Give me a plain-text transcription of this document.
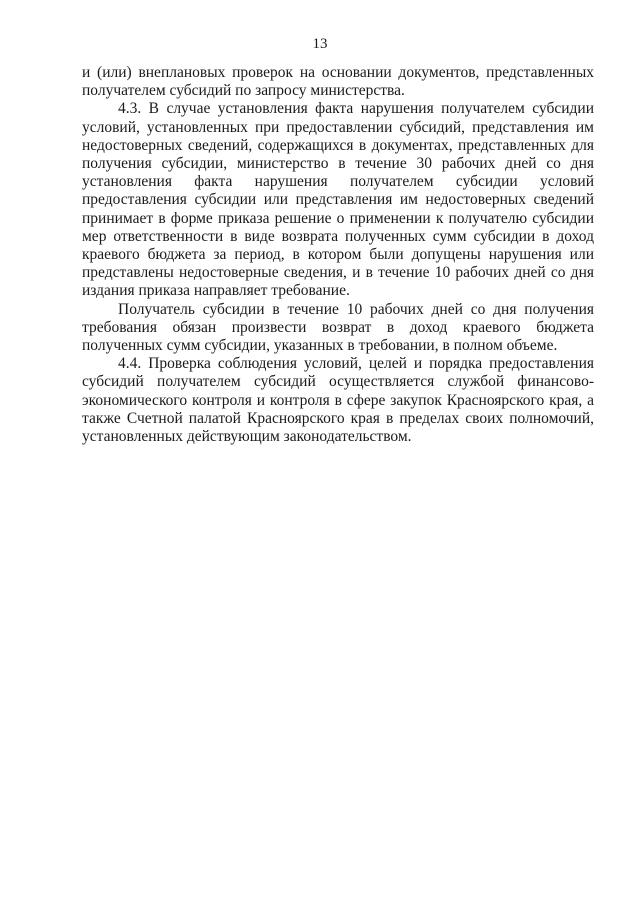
13

и (или) внеплановых проверок на основании документов, представленных получателем субсидий по запросу министерства.

4.3. В случае установления факта нарушения получателем субсидии условий, установленных при предоставлении субсидий, представления им недостоверных сведений, содержащихся в документах, представленных для получения субсидии, министерство в течение 30 рабочих дней со дня установления факта нарушения получателем субсидии условий предоставления субсидии или представления им недостоверных сведений принимает в форме приказа решение о применении к получателю субсидии мер ответственности в виде возврата полученных сумм субсидии в доход краевого бюджета за период, в котором были допущены нарушения или представлены недостоверные сведения, и в течение 10 рабочих дней со дня издания приказа направляет требование.

Получатель субсидии в течение 10 рабочих дней со дня получения требования обязан произвести возврат в доход краевого бюджета полученных сумм субсидии, указанных в требовании, в полном объеме.

4.4. Проверка соблюдения условий, целей и порядка предоставления субсидий получателем субсидий осуществляется службой финансово-экономического контроля и контроля в сфере закупок Красноярского края, а также Счетной палатой Красноярского края в пределах своих полномочий, установленных действующим законодательством.
